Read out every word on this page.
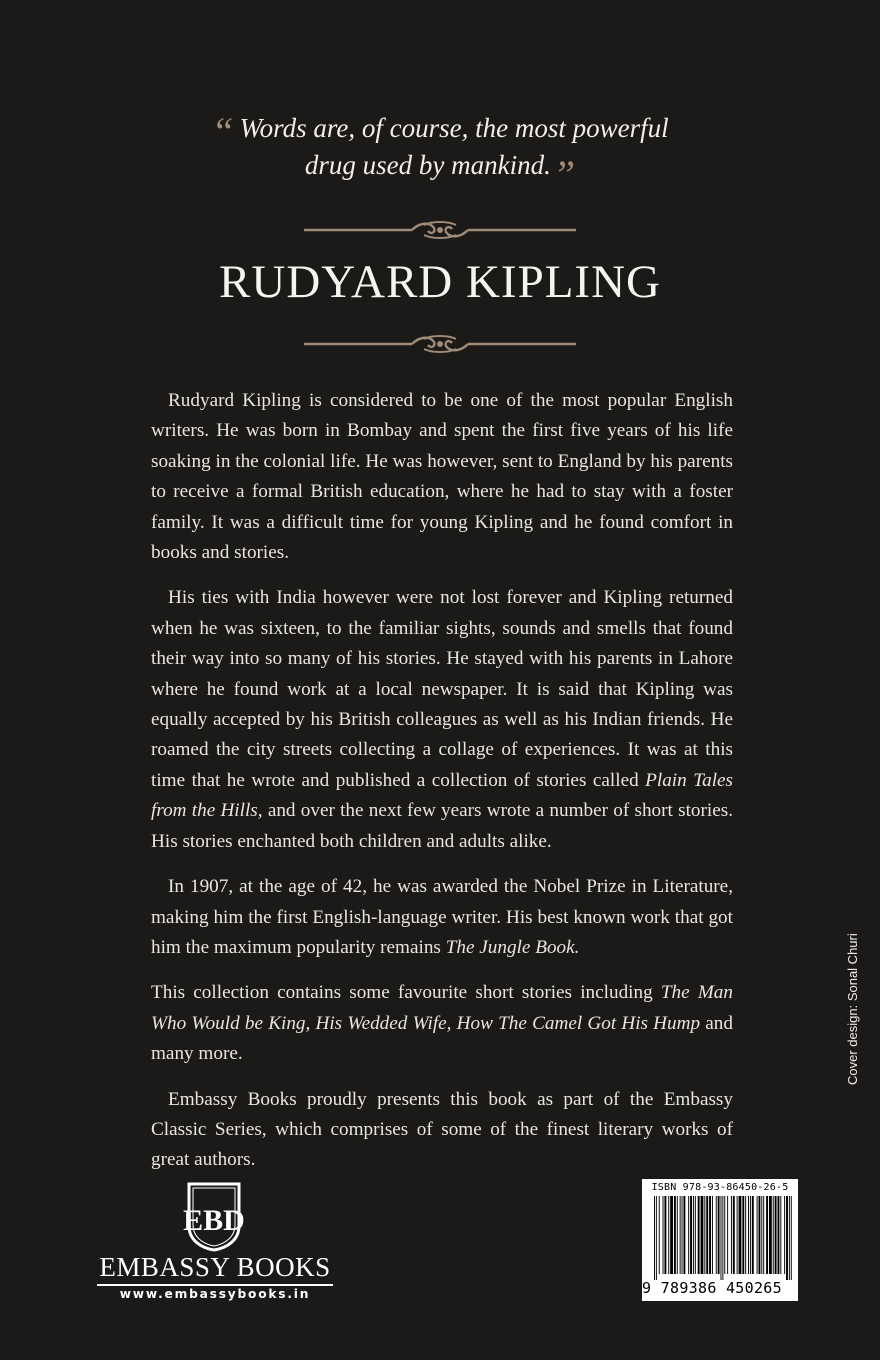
“ Words are, of course, the most powerful
drug used by mankind.”
RUDYARD KIPLING

Rudyard Kipling is considered to be one of the most popular English writers. He was born in Bombay and spent the first five years of his life soaking in the colonial life. He was however, sent to England by his parents to receive a formal British education, where he had to stay with a foster family. It was a difficult time for young Kipling and he found comfort in books and stories.

His ties with India however were not lost forever and Kipling returned when he was sixteen, to the familiar sights, sounds and smells that found their way into so many of his stories. He stayed with his parents in Lahore where he found work at a local newspaper. It is said that Kipling was equally accepted by his British colleagues as well as his Indian friends. He roamed the city streets collecting a collage of experiences. It was at this time that he wrote and published a collection of stories called Plain Tales from the Hills, and over the next few years wrote a number of short stories. His stories enchanted both children and adults alike.

In 1907, at the age of 42, he was awarded the Nobel Prize in Literature, making him the first English-language writer. His best known work that got him the maximum popularity remains The Jungle Book.

This collection contains some favourite short stories including The Man Who Would be King, His Wedded Wife, How The Camel Got His Hump and many more.

Embassy Books proudly presents this book as part of the Embassy Classic Series, which comprises of some of the finest literary works of great authors.

Cover design: Sonal Churi
EBD
EMBASSY BOOKS
www.embassybooks.in
ISBN 978-93-86450-26-5
9 789386 450265
